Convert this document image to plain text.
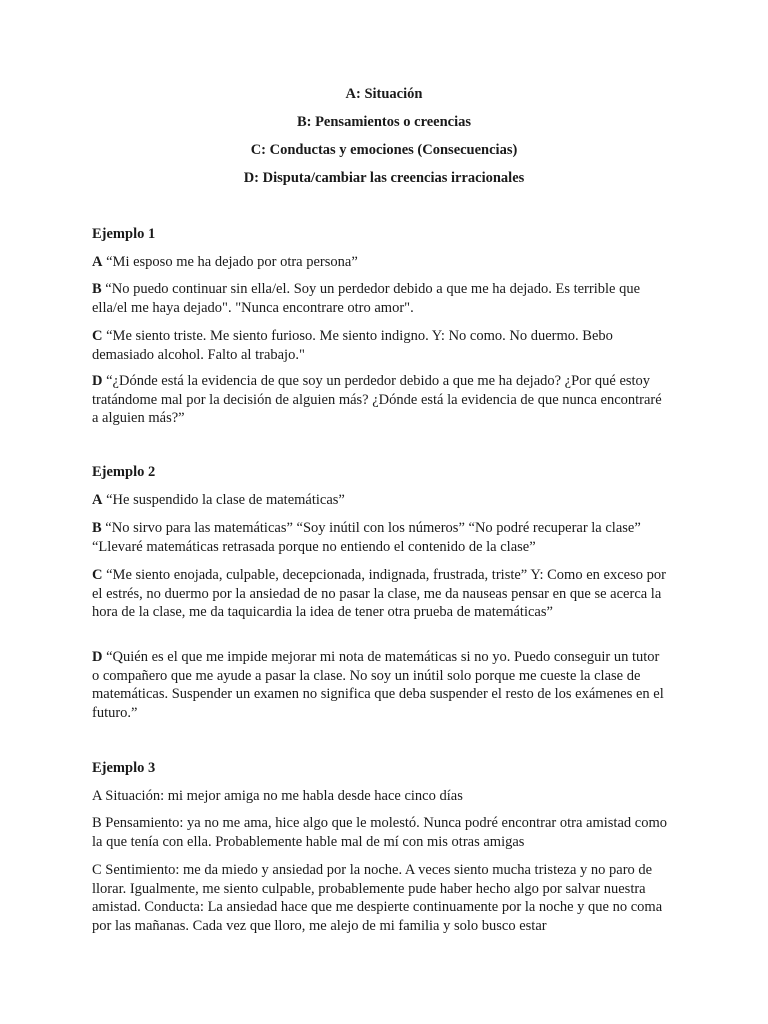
A: Situación
B: Pensamientos o creencias
C: Conductas y emociones (Consecuencias)
D: Disputa/cambiar las creencias irracionales
Ejemplo 1
A “Mi esposo me ha dejado por otra persona”
B “No puedo continuar sin ella/el. Soy un perdedor debido a que me ha dejado. Es terrible que ella/el me haya dejado". "Nunca encontrare otro amor".
C “Me siento triste. Me siento furioso. Me siento indigno. Y: No como. No duermo. Bebo demasiado alcohol. Falto al trabajo."
D “¿Dónde está la evidencia de que soy un perdedor debido a que me ha dejado? ¿Por qué estoy tratándome mal por la decisión de alguien más? ¿Dónde está la evidencia de que nunca encontraré a alguien más?”
Ejemplo 2
A “He suspendido la clase de matemáticas”
B “No sirvo para las matemáticas” “Soy inútil con los números” “No podré recuperar la clase” “Llevaré matemáticas retrasada porque no entiendo el contenido de la clase”
C “Me siento enojada, culpable, decepcionada, indignada, frustrada, triste” Y: Como en exceso por el estrés, no duermo por la ansiedad de no pasar la clase, me da nauseas pensar en que se acerca la hora de la clase, me da taquicardia la idea de tener otra prueba de matemáticas”
D “Quién es el que me impide mejorar mi nota de matemáticas si no yo. Puedo conseguir un tutor o compañero que me ayude a pasar la clase. No soy un inútil solo porque me cueste la clase de matemáticas. Suspender un examen no significa que deba suspender el resto de los exámenes en el futuro.”
Ejemplo 3
A Situación: mi mejor amiga no me habla desde hace cinco días
B Pensamiento: ya no me ama, hice algo que le molestó. Nunca podré encontrar otra amistad como la que tenía con ella. Probablemente hable mal de mí con mis otras amigas
C Sentimiento: me da miedo y ansiedad por la noche. A veces siento mucha tristeza y no paro de llorar. Igualmente, me siento culpable, probablemente pude haber hecho algo por salvar nuestra amistad. Conducta: La ansiedad hace que me despierte continuamente por la noche y que no coma por las mañanas. Cada vez que lloro, me alejo de mi familia y solo busco estar
